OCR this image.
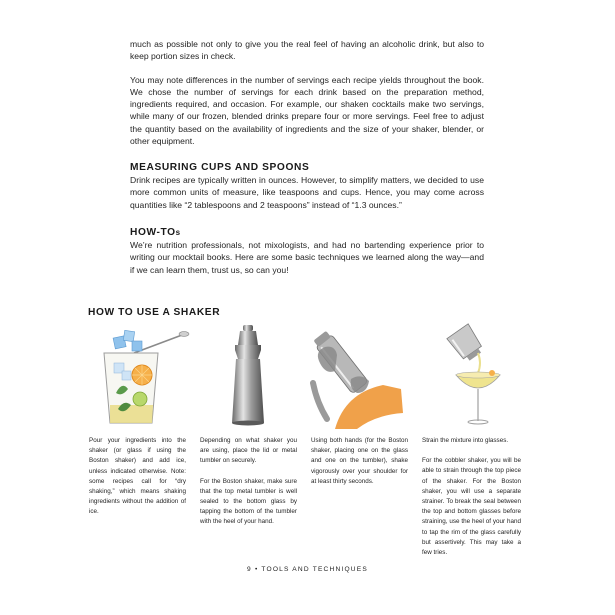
much as possible not only to give you the real feel of having an alcoholic drink, but also to keep portion sizes in check.

You may note differences in the number of servings each recipe yields throughout the book. We chose the number of servings for each drink based on the preparation method, ingredients required, and occasion. For example, our shaken cocktails make two servings, while many of our frozen, blended drinks prepare four or more servings. Feel free to adjust the quantity based on the availability of ingredients and the size of your shaker, blender, or other equipment.

MEASURING CUPS AND SPOONS

Drink recipes are typically written in ounces. However, to simplify matters, we decided to use more common units of measure, like teaspoons and cups. Hence, you may come across quantities like “2 tablespoons and 2 teaspoons” instead of “1.3 ounces.”

HOW-TOs

We’re nutrition professionals, not mixologists, and had no bartending experience prior to writing our mocktail books. Here are some basic techniques we learned along the way—and if we can learn them, trust us, so can you!

HOW TO USE A SHAKER

Pour your ingredients into the shaker (or glass if using the Boston shaker) and add ice, unless indicated otherwise. Note: some recipes call for “dry shaking,” which means shaking ingredients without the addition of ice.

Depending on what shaker you are using, place the lid or metal tumbler on securely.

For the Boston shaker, make sure that the top metal tumbler is well sealed to the bottom glass by tapping the bottom of the tumbler with the heel of your hand.

Using both hands (for the Boston shaker, placing one on the glass and one on the tumbler), shake vigorously over your shoulder for at least thirty seconds.

Strain the mixture into glasses.

For the cobbler shaker, you will be able to strain through the top piece of the shaker. For the Boston shaker, you will use a separate strainer. To break the seal between the top and bottom glasses before straining, use the heel of your hand to tap the rim of the glass carefully but assertively. This may take a few tries.

9 • TOOLS AND TECHNIQUES
